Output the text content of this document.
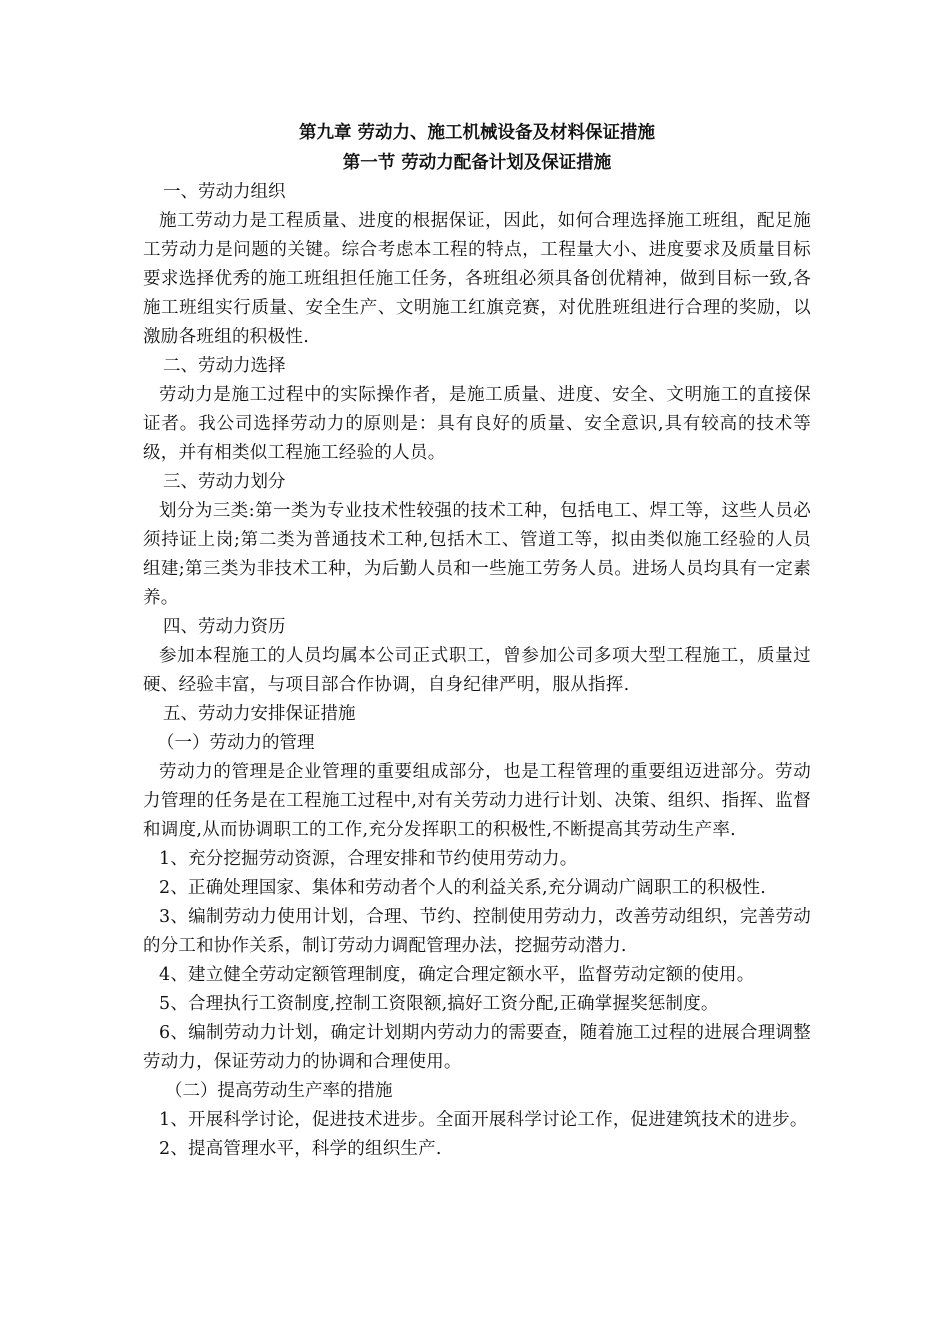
第九章 劳动力、施工机械设备及材料保证措施

第一节 劳动力配备计划及保证措施

一、劳动力组织

施工劳动力是工程质量、进度的根据保证，因此，如何合理选择施工班组，配足施工劳动力是问题的关键。综合考虑本工程的特点，工程量大小、进度要求及质量目标要求选择优秀的施工班组担任施工任务，各班组必须具备创优精神，做到目标一致,各施工班组实行质量、安全生产、文明施工红旗竞赛，对优胜班组进行合理的奖励，以激励各班组的积极性.

二、劳动力选择

劳动力是施工过程中的实际操作者，是施工质量、进度、安全、文明施工的直接保证者。我公司选择劳动力的原则是：具有良好的质量、安全意识,具有较高的技术等级，并有相类似工程施工经验的人员。

三、劳动力划分

划分为三类:第一类为专业技术性较强的技术工种，包括电工、焊工等，这些人员必须持证上岗;第二类为普通技术工种,包括木工、管道工等，拟由类似施工经验的人员组建;第三类为非技术工种，为后勤人员和一些施工劳务人员。进场人员均具有一定素养。

四、劳动力资历

参加本程施工的人员均属本公司正式职工，曾参加公司多项大型工程施工，质量过硬、经验丰富，与项目部合作协调，自身纪律严明，服从指挥.

五、劳动力安排保证措施

（一）劳动力的管理

劳动力的管理是企业管理的重要组成部分，也是工程管理的重要组迈进部分。劳动力管理的任务是在工程施工过程中,对有关劳动力进行计划、决策、组织、指挥、监督和调度,从而协调职工的工作,充分发挥职工的积极性,不断提高其劳动生产率.

1、充分挖掘劳动资源，合理安排和节约使用劳动力。

2、正确处理国家、集体和劳动者个人的利益关系,充分调动广阔职工的积极性.

3、编制劳动力使用计划，合理、节约、控制使用劳动力，改善劳动组织，完善劳动的分工和协作关系，制订劳动力调配管理办法，挖掘劳动潜力.

4、建立健全劳动定额管理制度，确定合理定额水平，监督劳动定额的使用。

5、合理执行工资制度,控制工资限额,搞好工资分配,正确掌握奖惩制度。

6、编制劳动力计划，确定计划期内劳动力的需要查，随着施工过程的进展合理调整劳动力，保证劳动力的协调和合理使用。

（二）提高劳动生产率的措施

1、开展科学讨论，促进技术进步。全面开展科学讨论工作，促进建筑技术的进步。

2、提高管理水平，科学的组织生产.
